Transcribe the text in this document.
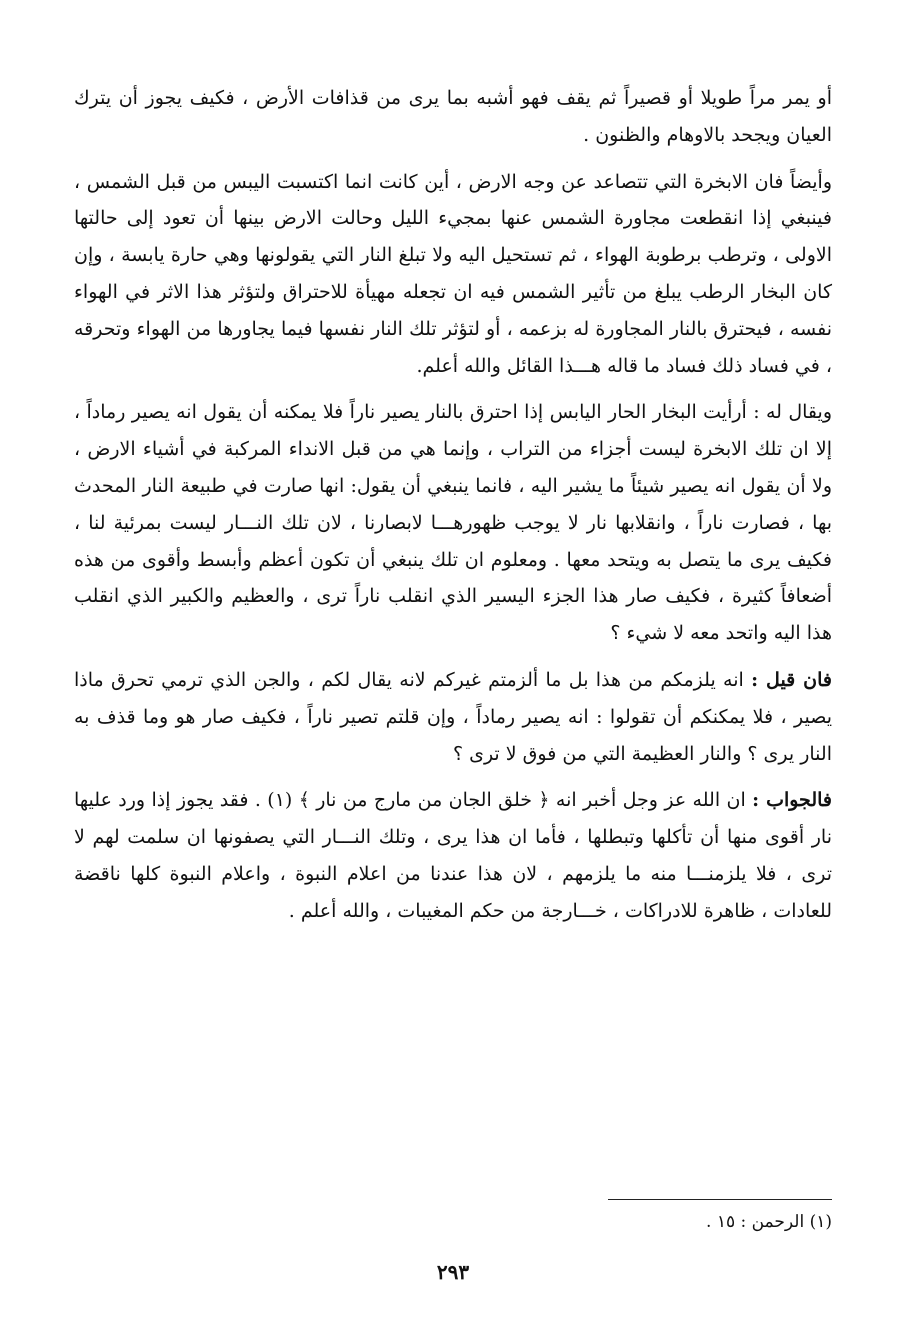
أو يمر مراً طويلا أو قصيراً ثم يقف فهو أشبه بما يرى من قذافات الأرض ، فكيف يجوز أن يترك العيان ويجحد بالاوهام والظنون .

وأيضاً فان الابخرة التي تتصاعد عن وجه الارض ، أين كانت انما اكتسبت اليبس من قبل الشمس ، فينبغي إذا انقطعت مجاورة الشمس عنها بمجيء الليل وحالت الارض بينها أن تعود إلى حالتها الاولى ، وترطب برطوبة الهواء ، ثم تستحيل اليه ولا تبلغ النار التي يقولونها وهي حارة يابسة ، وإن كان البخار الرطب يبلغ من تأثير الشمس فيه ان تجعله مهيأة للاحتراق ولتؤثر هذا الاثر في الهواء نفسه ، فيحترق بالنار المجاورة له بزعمه ، أو لتؤثر تلك النار نفسها فيما يجاورها من الهواء وتحرقه ، في فساد ذلك فساد ما قاله هـــذا القائل والله أعلم.

ويقال له : أرأيت البخار الحار اليابس إذا احترق بالنار يصير ناراً فلا يمكنه أن يقول انه يصير رماداً ، إلا ان تلك الابخرة ليست أجزاء من التراب ، وإنما هي من قبل الانداء المركبة في أشياء الارض ، ولا أن يقول انه يصير شيئاً ما يشير اليه ، فانما ينبغي أن يقول: انها صارت في طبيعة النار المحدث بها ، فصارت ناراً ، وانقلابها نار لا يوجب ظهورهـــا لابصارنا ، لان تلك النـــار ليست بمرئية لنا ، فكيف يرى ما يتصل به ويتحد معها . ومعلوم ان تلك ينبغي أن تكون أعظم وأبسط وأقوى من هذه أضعافاً كثيرة ، فكيف صار هذا الجزء اليسير الذي انقلب ناراً ترى ، والعظيم والكبير الذي انقلب هذا اليه واتحد معه لا شيء ؟

فان قيل : انه يلزمكم من هذا بل ما ألزمتم غيركم لانه يقال لكم ، والجن الذي ترمي تحرق ماذا يصير ، فلا يمكنكم أن تقولوا : انه يصير رماداً ، وإن قلتم تصير ناراً ، فكيف صار هو وما قذف به النار يرى ؟ والنار العظيمة التي من فوق لا ترى ؟

فالجواب : ان الله عز وجل أخبر انه ﴿ خلق الجان من مارج من نار ﴾ (١) . فقد يجوز إذا ورد عليها نار أقوى منها أن تأكلها وتبطلها ، فأما ان هذا يرى ، وتلك النـــار التي يصفونها ان سلمت لهم لا ترى ، فلا يلزمنـــا منه ما يلزمهم ، لان هذا عندنا من اعلام النبوة ، واعلام النبوة كلها ناقضة للعادات ، ظاهرة للادراكات ، خـــارجة من حكم المغيبات ، والله أعلم .

(١) الرحمن : ١٥ .
٢٩٣
